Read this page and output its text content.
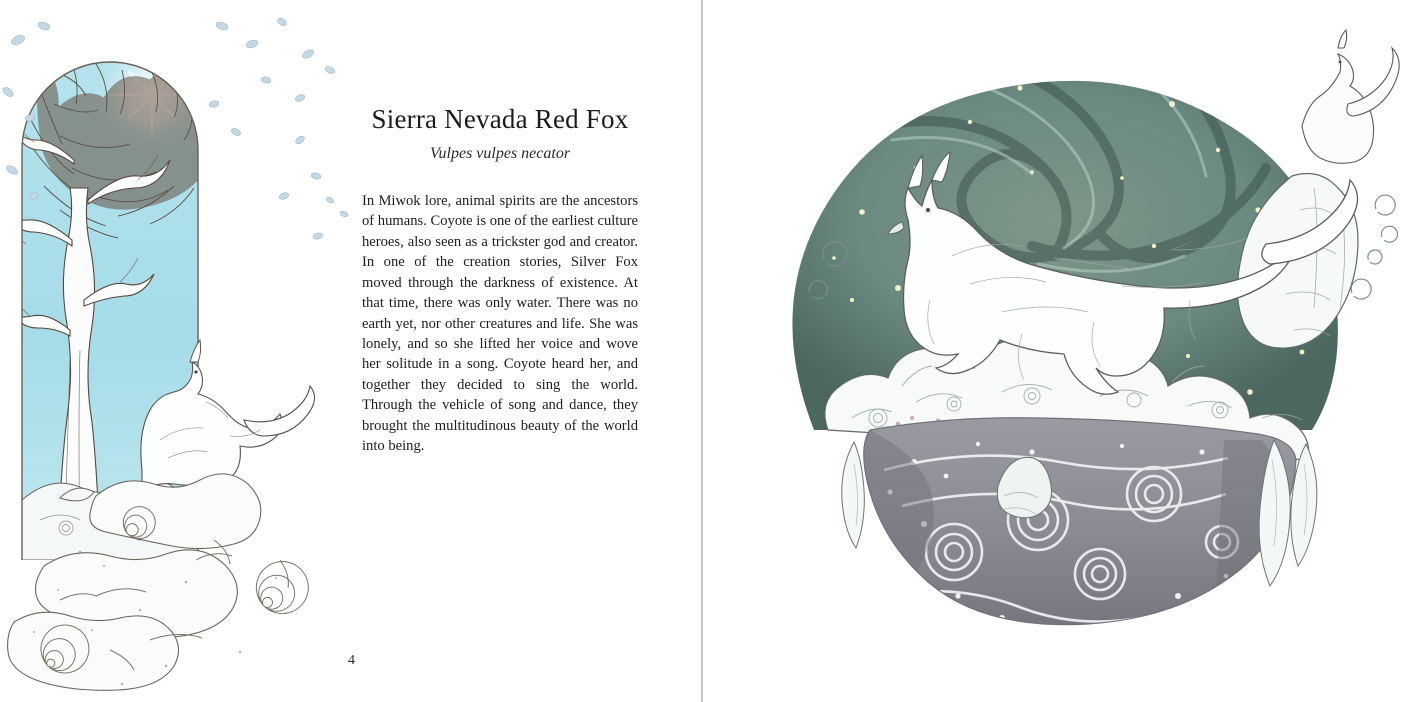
Sierra Nevada Red Fox
Vulpes vulpes necator

In Miwok lore, animal spirits are the ancestors of humans. Coyote is one of the earliest culture heroes, also seen as a trickster god and creator. In one of the creation stories, Silver Fox moved through the darkness of existence. At that time, there was only water. There was no earth yet, nor other creatures and life. She was lonely, and so she lifted her voice and wove her solitude in a song. Coyote heard her, and together they decided to sing the world. Through the vehicle of song and dance, they brought the multitudinous beauty of the world into being.

4
